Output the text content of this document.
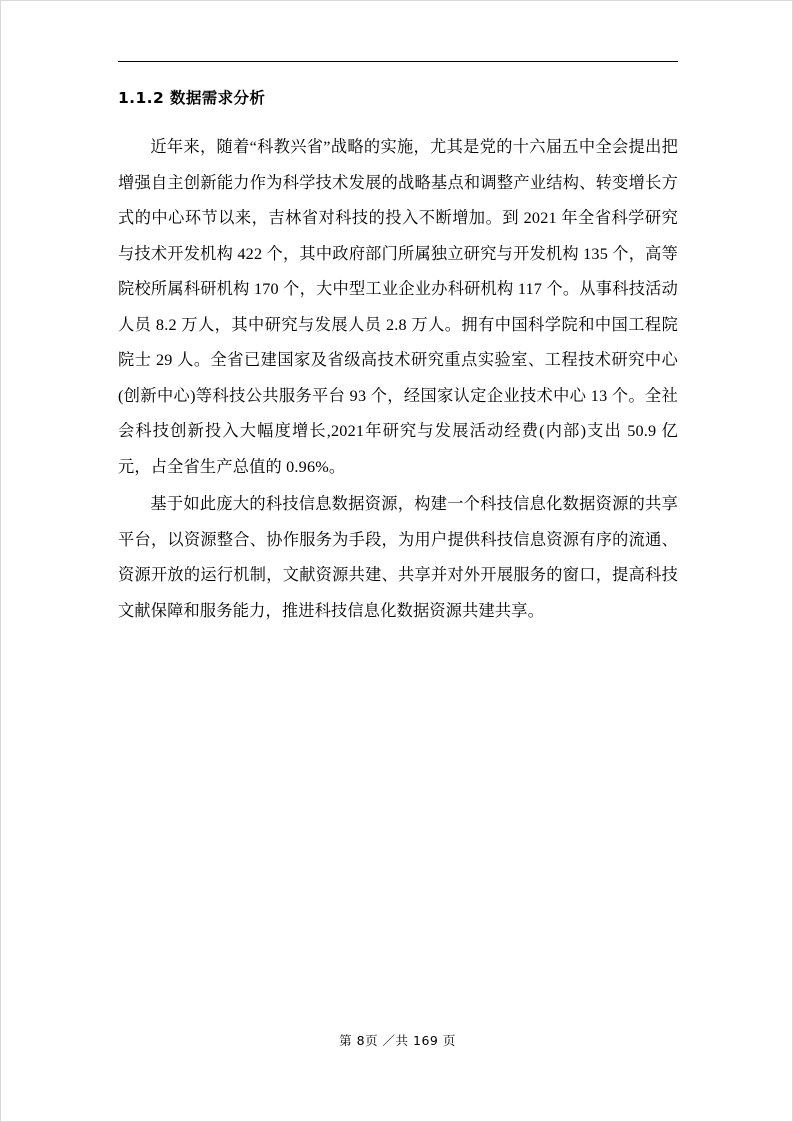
1.1.2 数据需求分析

近年来，随着“科教兴省”战略的实施，尤其是党的十六届五中全会提出把增强自主创新能力作为科学技术发展的战略基点和调整产业结构、转变增长方式的中心环节以来，吉林省对科技的投入不断增加。到 2021 年全省科学研究与技术开发机构 422 个，其中政府部门所属独立研究与开发机构 135 个，高等院校所属科研机构 170 个，大中型工业企业办科研机构 117 个。从事科技活动人员 8.2 万人，其中研究与发展人员 2.8 万人。拥有中国科学院和中国工程院院士 29 人。全省已建国家及省级高技术研究重点实验室、工程技术研究中心(创新中心)等科技公共服务平台 93 个，经国家认定企业技术中心 13 个。全社会科技创新投入大幅度增长,2021年研究与发展活动经费(内部)支出 50.9 亿元，占全省生产总值的 0.96%。

基于如此庞大的科技信息数据资源，构建一个科技信息化数据资源的共享平台，以资源整合、协作服务为手段，为用户提供科技信息资源有序的流通、资源开放的运行机制，文献资源共建、共享并对外开展服务的窗口，提高科技文献保障和服务能力，推进科技信息化数据资源共建共享。

第 8页 ／共 169 页
